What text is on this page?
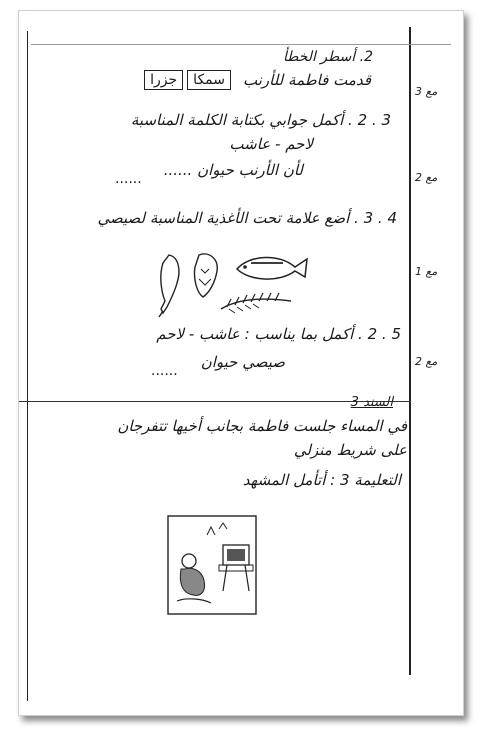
2. أسطر الخطأ
قدمت فاطمة للأرنب
سمكاجزرا
مع 3
3 . 2 . أكمل جوابي بكتابة الكلمة المناسبة
لاحم - عاشب
لأن الأرنب حيوان ......
......	مع 2
4 . 3 . أضع علامة تحت الأغذية المناسبة لصيصي
مع 1
5 . 2 . أكمل بما يناسب : عاشب - لاحم
صيصي حيوان
......
مع 2
السند 3
في المساء جلست فاطمة بجانب أخيها تتفرجان
على شريط منزلي
التعليمة 3 : أتأمل المشهد
